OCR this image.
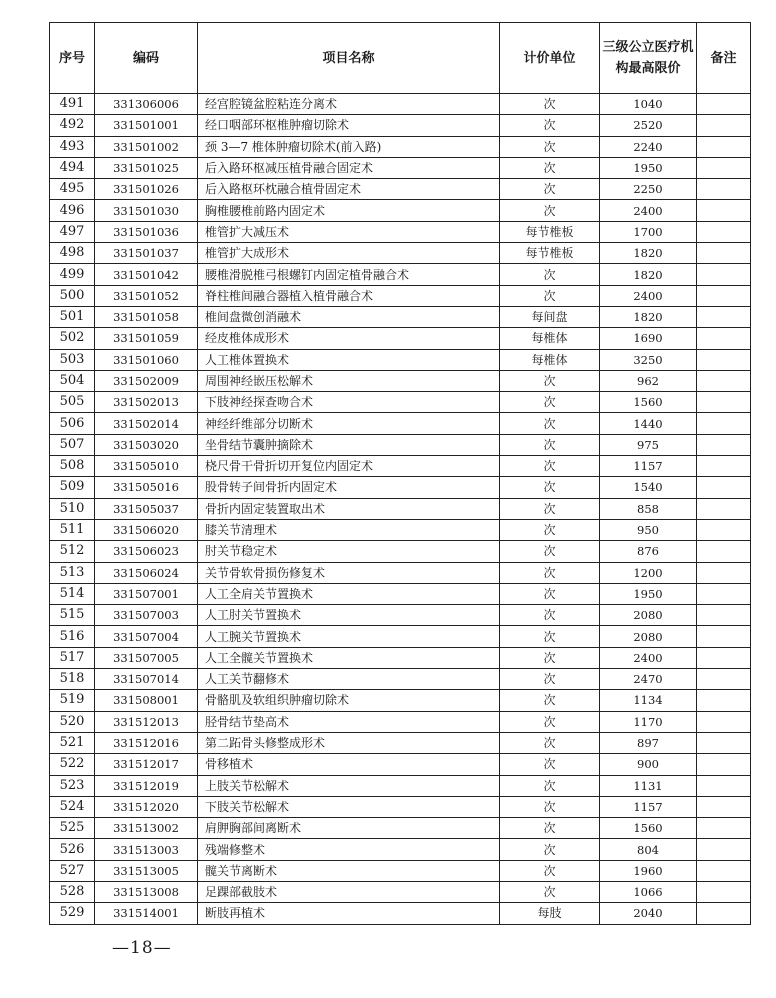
序号	编码	项目名称	计价单位	三级公立医疗机构最高限价	备注
491	331306006	经宫腔镜盆腔粘连分离术	次	1040	
492	331501001	经口咽部环枢椎肿瘤切除术	次	2520	
493	331501002	颈 3—7 椎体肿瘤切除术(前入路)	次	2240	
494	331501025	后入路环枢减压植骨融合固定术	次	1950	
495	331501026	后入路枢环枕融合植骨固定术	次	2250	
496	331501030	胸椎腰椎前路内固定术	次	2400	
497	331501036	椎管扩大减压术	每节椎板	1700	
498	331501037	椎管扩大成形术	每节椎板	1820	
499	331501042	腰椎滑脱椎弓根螺钉内固定植骨融合术	次	1820	
500	331501052	脊柱椎间融合器植入植骨融合术	次	2400	
501	331501058	椎间盘微创消融术	每间盘	1820	
502	331501059	经皮椎体成形术	每椎体	1690	
503	331501060	人工椎体置换术	每椎体	3250	
504	331502009	周围神经嵌压松解术	次	962	
505	331502013	下肢神经探查吻合术	次	1560	
506	331502014	神经纤维部分切断术	次	1440	
507	331503020	坐骨结节囊肿摘除术	次	975	
508	331505010	桡尺骨干骨折切开复位内固定术	次	1157	
509	331505016	股骨转子间骨折内固定术	次	1540	
510	331505037	骨折内固定装置取出术	次	858	
511	331506020	膝关节清理术	次	950	
512	331506023	肘关节稳定术	次	876	
513	331506024	关节骨软骨损伤修复术	次	1200	
514	331507001	人工全肩关节置换术	次	1950	
515	331507003	人工肘关节置换术	次	2080	
516	331507004	人工腕关节置换术	次	2080	
517	331507005	人工全髋关节置换术	次	2400	
518	331507014	人工关节翻修术	次	2470	
519	331508001	骨骼肌及软组织肿瘤切除术	次	1134	
520	331512013	胫骨结节垫高术	次	1170	
521	331512016	第二跖骨头修整成形术	次	897	
522	331512017	骨移植术	次	900	
523	331512019	上肢关节松解术	次	1131	
524	331512020	下肢关节松解术	次	1157	
525	331513002	肩胛胸部间离断术	次	1560	
526	331513003	残端修整术	次	804	
527	331513005	髋关节离断术	次	1960	
528	331513008	足踝部截肢术	次	1066	
529	331514001	断肢再植术	每肢	2040	
—18—
